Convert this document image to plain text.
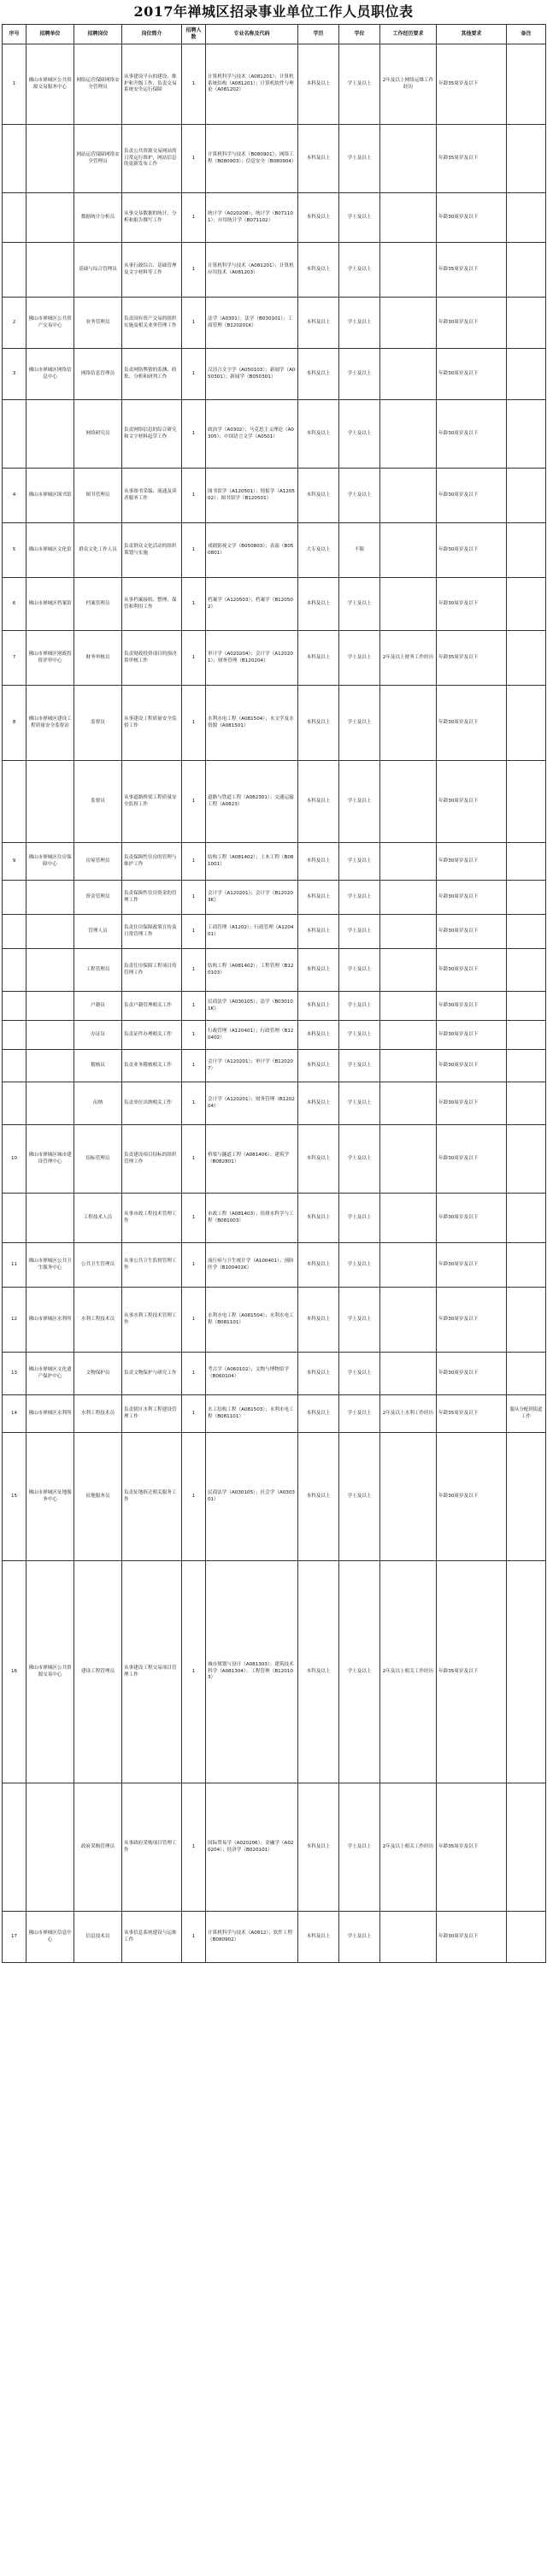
2017年禅城区招录事业单位工作人员职位表
序号	招聘单位	招聘岗位	岗位简介	招聘人数	专业名称及代码	学历	学位	工作经历要求	其他要求	备注
1	佛山市禅城区公共资源交易服务中心	网络运营保障网络安全管理员	从事建设平台的建设、维护和升级工作，负责交易系统安全运行保障	1	计算机科学与技术（A081201）；计算机系统结构（A081201）；计算机软件与理论（A081202）	本科及以上	学士及以上	2年及以上网络运维工作经历	年龄35周岁及以下	
		网站运营保障网络安全管理员	负责公共资源交易网站的日常运行维护，网站信息的更新发布工作	1	计算机科学与技术（B080901）；网络工程（B080903）；信息安全（B080904）	本科及以上	学士及以上		年龄35周岁及以下	
		数据统计分析员	从事交易数据的统计、分析和报告撰写工作	1	统计学（A020208）；统计学（B071101）；应用统计学（B071102）	本科及以上	学士及以上		年龄30周岁及以下	
		基础与综合管理员	从事行政综合、基础管理及文字材料等工作	1	计算机科学与技术（A081201）；计算机应用技术（A081203）	本科及以上	学士及以上		年龄35周岁及以下	
2	佛山市禅城区公共资产交易中心	业务管理员	负责国有资产交易的组织实施及相关业务管理工作	1	法学（A0301）；法学（B030101）；工商管理（B120201K）	本科及以上	学士及以上		年龄30周岁及以下	
3	佛山市禅城区网络信息中心	网络信息管理员	负责网络舆情的监测、收集、分析和研判工作	1	汉语言文字学（A050103）；新闻学（A050301）；新闻学（B050301）	本科及以上	学士及以上		年龄30周岁及以下	
		网络研究员	负责网络信息的综合研究和文字材料起草工作	1	政治学（A0302）；马克思主义理论（A0305）；中国语言文学（A0501）	本科及以上	学士及以上		年龄30周岁及以下	
4	佛山市禅城区图书馆	图书管理员	从事图书采编、流通及读者服务工作	1	图书馆学（A120501）；情报学（A120502）；图书馆学（B120501）	本科及以上	学士及以上		年龄30周岁及以下	
5	佛山市禅城区文化馆	群众文化工作人员	负责群众文化活动的组织策划与实施	1	戏剧影视文学（B050803）；表演（B050801）	大专及以上	不限		年龄30周岁及以下	
6	佛山市禅城区档案馆	档案管理员	从事档案接收、整理、保管和利用工作	1	档案学（A120503）；档案学（B120502）	本科及以上	学士及以上		年龄30周岁及以下	
7	佛山市禅城区财政投资评审中心	财务审核员	负责财政投资项目的预决算审核工作	1	审计学（A020204）；会计学（A120201）；财务管理（B120204）	本科及以上	学士及以上	2年及以上财务工作经历	年龄35周岁及以下	
8	佛山市禅城区建设工程质量安全监督站	监督员	从事建设工程质量安全监督工作	1	水利水电工程（A081504）；水文学及水资源（A081501）	本科及以上	学士及以上		年龄30周岁及以下	
		监督员	从事道路桥梁工程质量安全监督工作	1	道路与铁道工程（A082301）；交通运输工程（A0823）	本科及以上	学士及以上		年龄30周岁及以下	
9	佛山市禅城区住房保障中心	房屋管理员	负责保障性住房的管理与维护工作	1	结构工程（A081402）；土木工程（B081001）	本科及以上	学士及以上		年龄30周岁及以下	
		资金管理员	负责保障性住房资金的管理工作	1	会计学（A120201）；会计学（B120203K）	本科及以上	学士及以上		年龄30周岁及以下	
		管理人员	负责住房保障政策宣传及日常管理工作	1	工商管理（A1202）；行政管理（A120401）	本科及以上	学士及以上		年龄30周岁及以下	
		工程管理员	负责住房保障工程项目的管理工作	1	结构工程（A081402）；工程管理（B120103）	本科及以上	学士及以上		年龄30周岁及以下	
		户籍员	负责户籍管理相关工作	1	民商法学（A030105）；法学（B030101K）	本科及以上	学士及以上		年龄30周岁及以下	
		办证员	负责证件办理相关工作	1	行政管理（A120401）；行政管理（B120402）	本科及以上	学士及以上		年龄30周岁及以下	
		稽核员	负责业务稽核相关工作	1	会计学（A120201）；审计学（B120207）	本科及以上	学士及以上		年龄30周岁及以下	
		出纳	负责单位出纳相关工作	1	会计学（A120201）；财务管理（B120204）	本科及以上	学士及以上		年龄30周岁及以下	
10	佛山市禅城区城市建设管理中心	招标管理员	负责建设项目招标的组织管理工作	1	桥梁与隧道工程（A081406）；建筑学（B082801）	本科及以上	学士及以上		年龄30周岁及以下	
		工程技术人员	从事市政工程技术管理工作	1	市政工程（A081403）；给排水科学与工程（B081003）	本科及以上	学士及以上		年龄30周岁及以下	
11	佛山市禅城区公共卫生服务中心	公共卫生管理员	从事公共卫生监督管理工作	1	流行病与卫生统计学（A100401）；预防医学（B100401K）	本科及以上	学士及以上		年龄30周岁及以下	
12	佛山市禅城区水利所	水利工程技术员	从事水利工程技术管理工作	1	水利水电工程（A081504）；水利水电工程（B081101）	本科及以上	学士及以上		年龄30周岁及以下	
13	佛山市禅城区文化遗产保护中心	文物保护员	负责文物保护与研究工作	1	考古学（A060102）；文物与博物馆学（B060104）	本科及以上	学士及以上		年龄30周岁及以下	
14	佛山市禅城区水利所	水利工程技术员	负责辖区水利工程建设管理工作	1	水工结构工程（A081503）；水利水电工程（B081101）	本科及以上	学士及以上	2年及以上水利工作经历	年龄35周岁及以下	服从分配到街道工作
15	佛山市禅城区征地服务中心	征地服务员	负责征地拆迁相关服务工作	1	民商法学（A030105）；社会学（A030301）	本科及以上	学士及以上		年龄30周岁及以下	
16	佛山市禅城区公共资源交易中心	建设工程管理员	从事建设工程交易项目管理工作	1	城市规划与设计（A081303）；建筑技术科学（A081304）；工程管理（B120103）	本科及以上	学士及以上	2年及以上相关工作经历	年龄35周岁及以下	
		政府采购管理员	从事政府采购项目管理工作	1	国际贸易学（A020206）；金融学（A020204）；经济学（B020101）	本科及以上	学士及以上	2年及以上相关工作经历	年龄35周岁及以下	
17	佛山市禅城区信息中心	信息技术员	从事信息系统建设与运维工作	1	计算机科学与技术（A0812）；软件工程（B080902）	本科及以上	学士及以上		年龄30周岁及以下	
